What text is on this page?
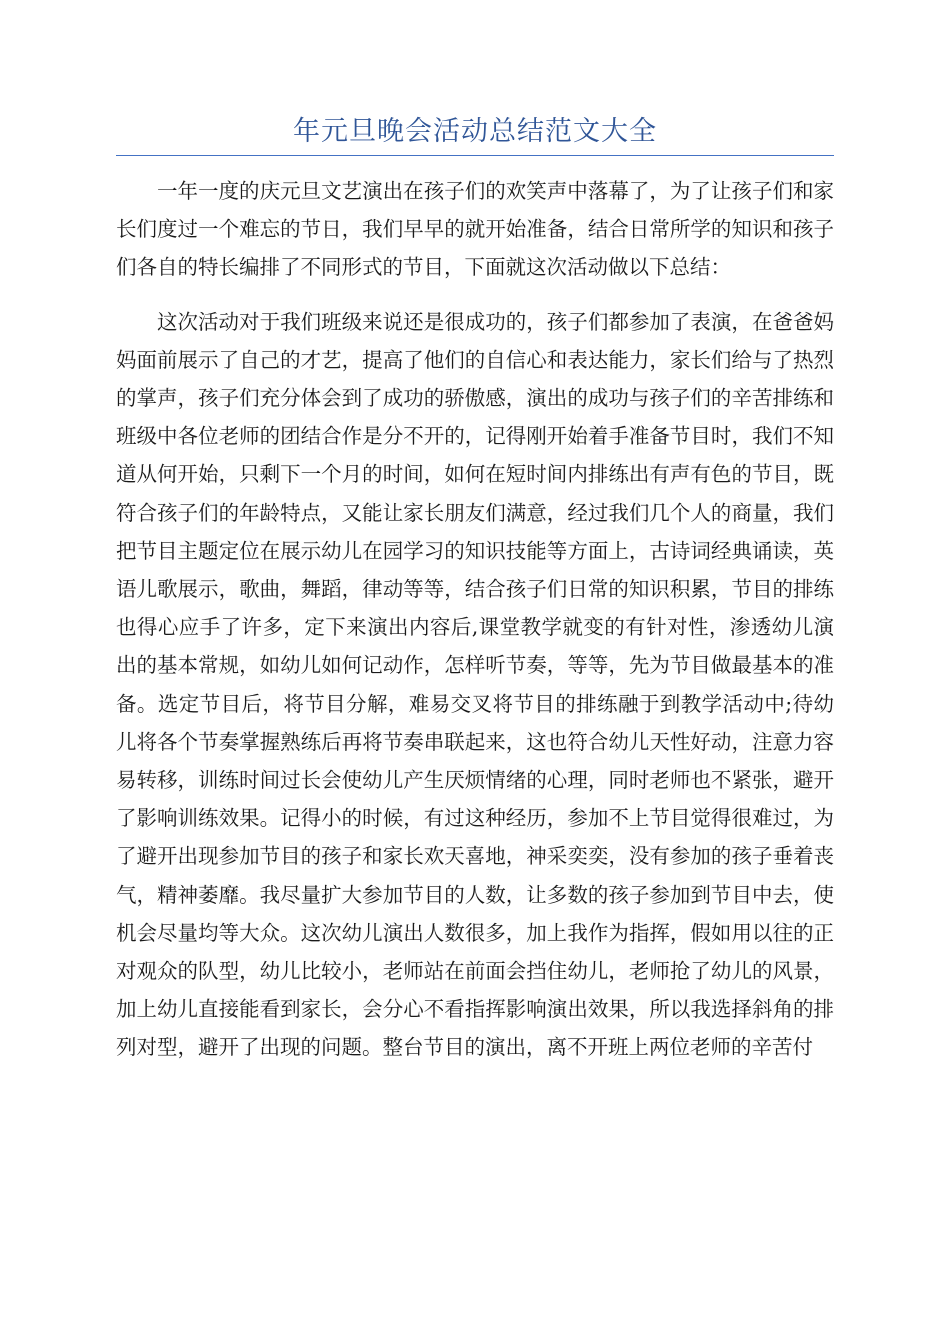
年元旦晚会活动总结范文大全

一年一度的庆元旦文艺演出在孩子们的欢笑声中落幕了，为了让孩子们和家长们度过一个难忘的节日，我们早早的就开始准备，结合日常所学的知识和孩子们各自的特长编排了不同形式的节目，下面就这次活动做以下总结：

这次活动对于我们班级来说还是很成功的，孩子们都参加了表演，在爸爸妈妈面前展示了自己的才艺，提高了他们的自信心和表达能力，家长们给与了热烈的掌声，孩子们充分体会到了成功的骄傲感，演出的成功与孩子们的辛苦排练和班级中各位老师的团结合作是分不开的，记得刚开始着手准备节目时，我们不知道从何开始，只剩下一个月的时间，如何在短时间内排练出有声有色的节目，既符合孩子们的年龄特点，又能让家长朋友们满意，经过我们几个人的商量，我们把节目主题定位在展示幼儿在园学习的知识技能等方面上，古诗词经典诵读，英语儿歌展示，歌曲，舞蹈，律动等等，结合孩子们日常的知识积累，节目的排练也得心应手了许多，定下来演出内容后,课堂教学就变的有针对性，渗透幼儿演出的基本常规，如幼儿如何记动作，怎样听节奏，等等，先为节目做最基本的准备。选定节目后，将节目分解，难易交叉将节目的排练融于到教学活动中;待幼儿将各个节奏掌握熟练后再将节奏串联起来，这也符合幼儿天性好动，注意力容易转移，训练时间过长会使幼儿产生厌烦情绪的心理，同时老师也不紧张，避开了影响训练效果。记得小的时候，有过这种经历，参加不上节目觉得很难过，为了避开出现参加节目的孩子和家长欢天喜地，神采奕奕，没有参加的孩子垂着丧气，精神萎靡。我尽量扩大参加节目的人数，让多数的孩子参加到节目中去，使机会尽量均等大众。这次幼儿演出人数很多，加上我作为指挥，假如用以往的正对观众的队型，幼儿比较小，老师站在前面会挡住幼儿，老师抢了幼儿的风景，加上幼儿直接能看到家长，会分心不看指挥影响演出效果，所以我选择斜角的排列对型，避开了出现的问题。整台节目的演出，离不开班上两位老师的辛苦付
